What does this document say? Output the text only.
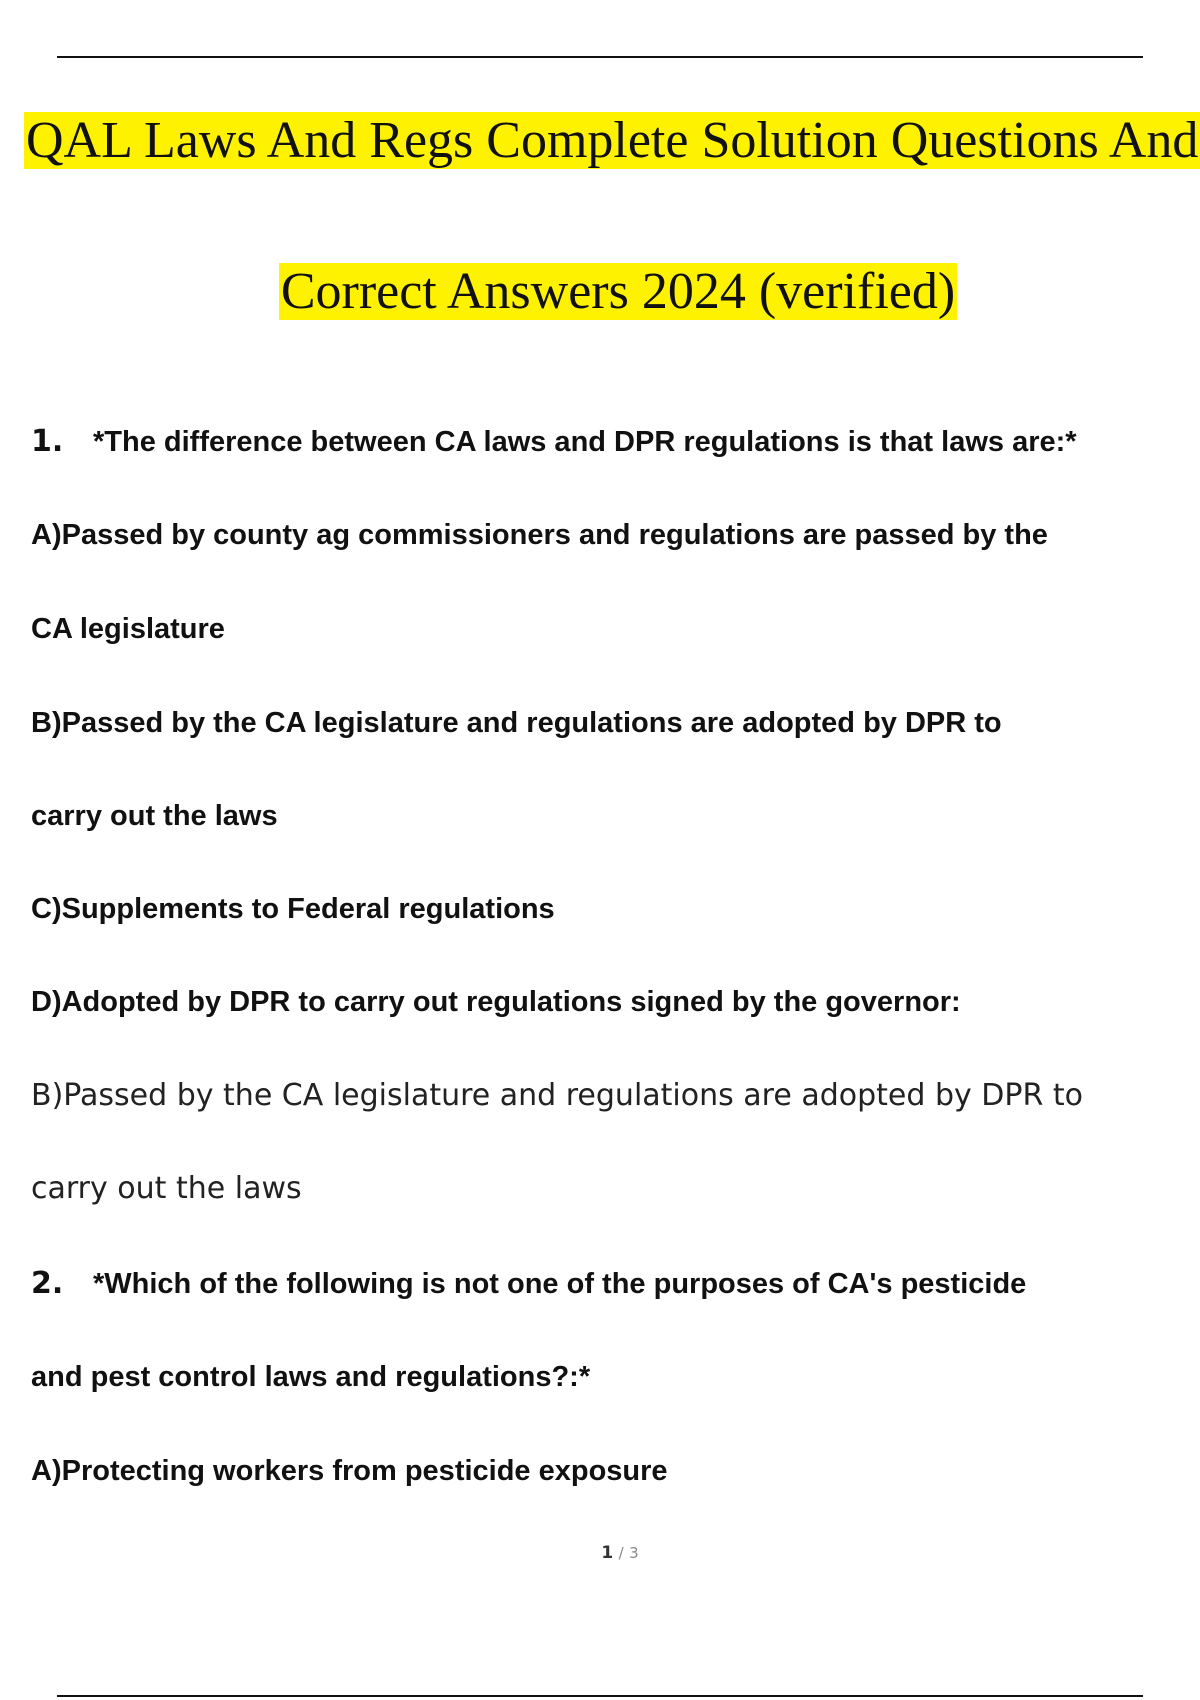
QAL Laws And Regs Complete Solution Questions And
Correct Answers 2024 (verified)
1. *The difference between CA laws and DPR regulations is that laws are:*
A)Passed by county ag commissioners and regulations are passed by the
CA legislature
B)Passed by the CA legislature and regulations are adopted by DPR to
carry out the laws
C)Supplements to Federal regulations
D)Adopted by DPR to carry out regulations signed by the governor:
B)Passed by the CA legislature and regulations are adopted by DPR to
carry out the laws
2. *Which of the following is not one of the purposes of CA's pesticide
and pest control laws and regulations?:*
A)Protecting workers from pesticide exposure
1 / 3
